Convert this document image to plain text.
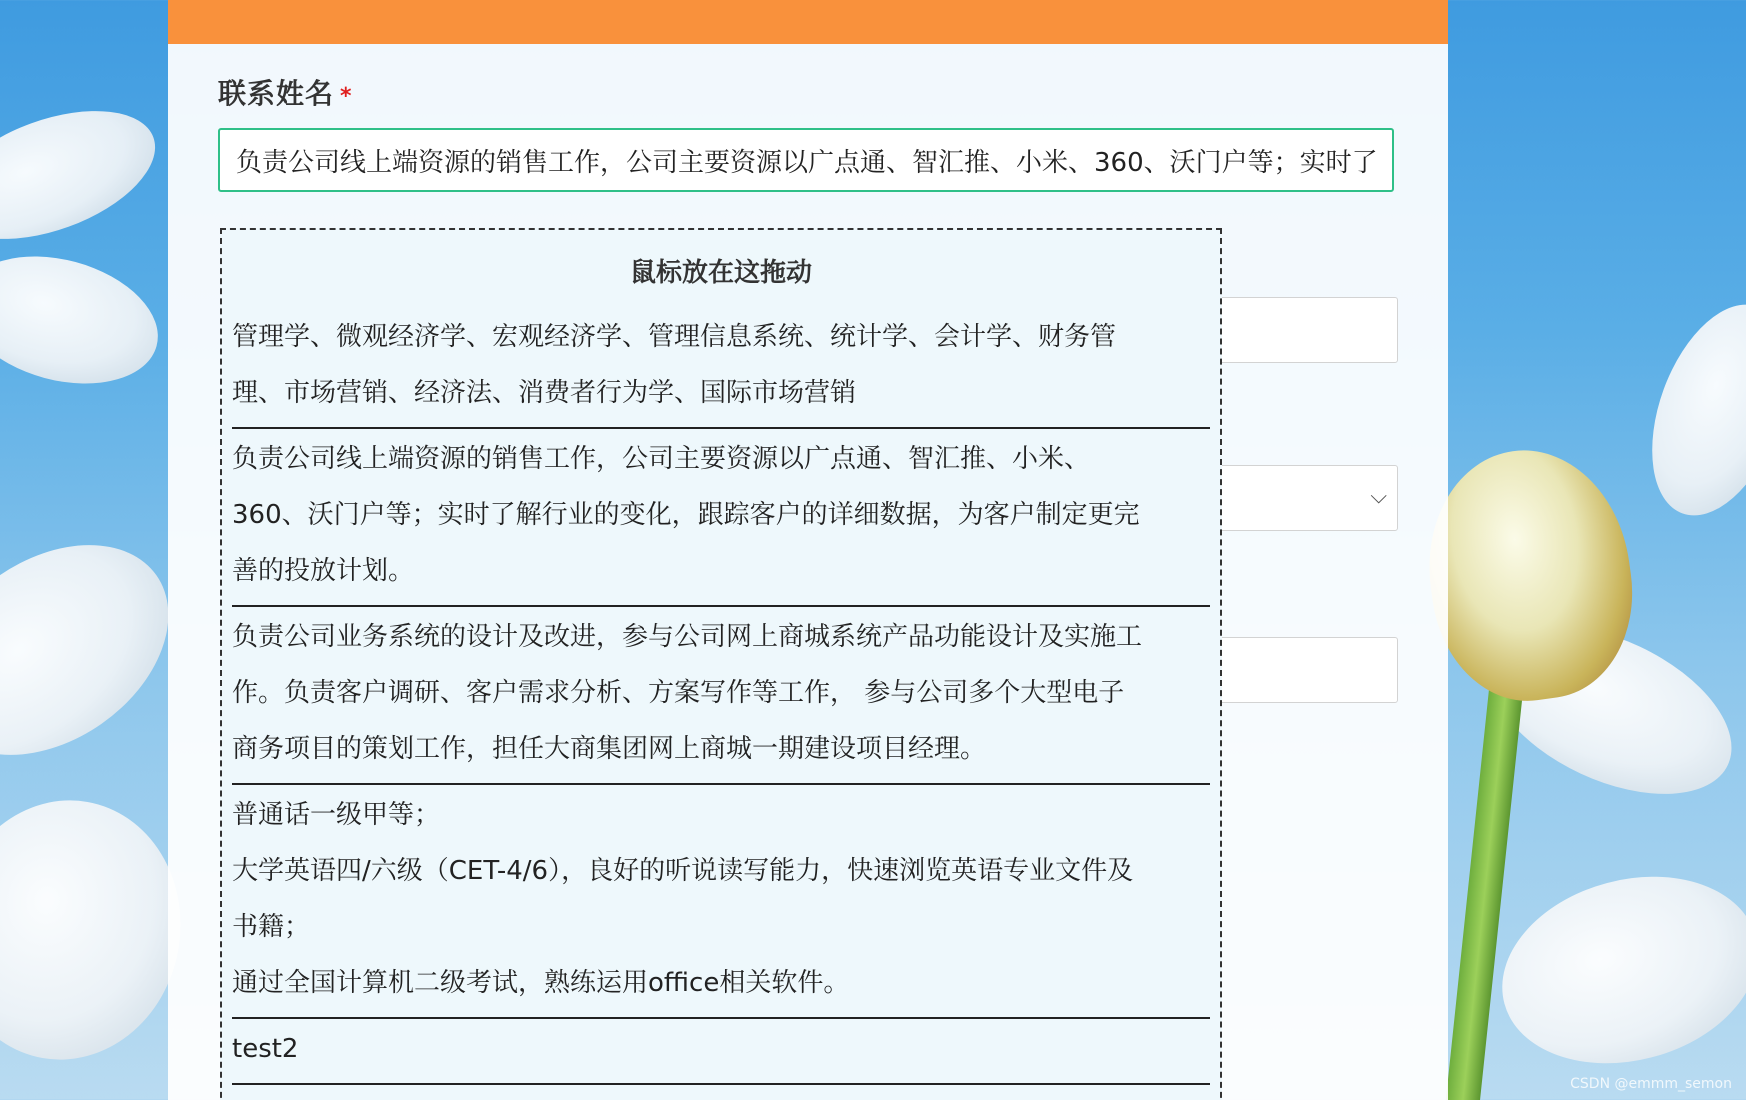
联系姓名 *
负责公司线上端资源的销售工作，公司主要资源以广点通、智汇推、小米、360、沃门户等；实时了解行业的变化
⌵
鼠标放在这拖动
管理学、微观经济学、宏观经济学、管理信息系统、统计学、会计学、财务管
理、市场营销、经济法、消费者行为学、国际市场营销
负责公司线上端资源的销售工作，公司主要资源以广点通、智汇推、小米、
360、沃门户等；实时了解行业的变化，跟踪客户的详细数据，为客户制定更完
善的投放计划。
负责公司业务系统的设计及改进，参与公司网上商城系统产品功能设计及实施工
作。负责客户调研、客户需求分析、方案写作等工作， 参与公司多个大型电子
商务项目的策划工作，担任大商集团网上商城一期建设项目经理。
普通话一级甲等；
大学英语四/六级（CET-4/6），良好的听说读写能力，快速浏览英语专业文件及
书籍；
通过全国计算机二级考试，熟练运用office相关软件。
test2
CSDN @emmm_semon
